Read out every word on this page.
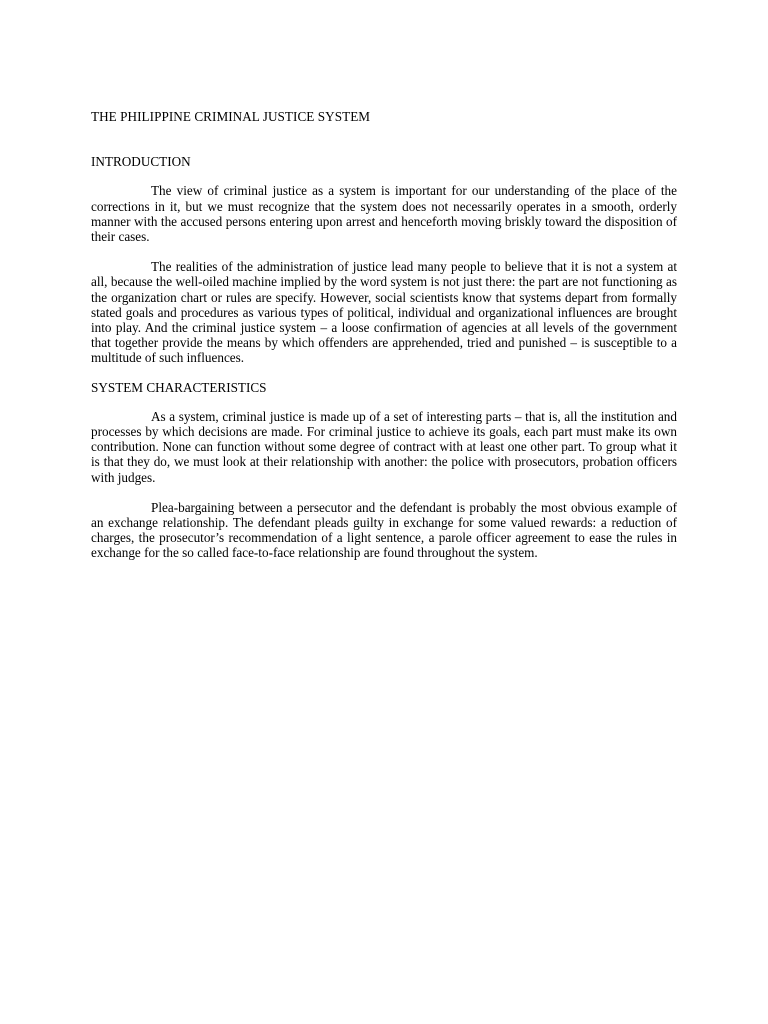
THE PHILIPPINE CRIMINAL JUSTICE SYSTEM
INTRODUCTION

The view of criminal justice as a system is important for our understanding of the place of the corrections in it, but we must recognize that the system does not necessarily operates in a smooth, orderly manner with the accused persons entering upon arrest and henceforth moving briskly toward the disposition of their cases.

The realities of the administration of justice lead many people to believe that it is not a system at all, because the well-oiled machine implied by the word system is not just there: the part are not functioning as the organization chart or rules are specify. However, social scientists know that systems depart from formally stated goals and procedures as various types of political, individual and organizational influences are brought into play. And the criminal justice system – a loose confirmation of agencies at all levels of the government that together provide the means by which offenders are apprehended, tried and punished – is susceptible to a multitude of such influences.

SYSTEM CHARACTERISTICS

As a system, criminal justice is made up of a set of interesting parts – that is, all the institution and processes by which decisions are made. For criminal justice to achieve its goals, each part must make its own contribution. None can function without some degree of contract with at least one other part. To group what it is that they do, we must look at their relationship with another: the police with prosecutors, probation officers with judges.

Plea-bargaining between a persecutor and the defendant is probably the most obvious example of an exchange relationship. The defendant pleads guilty in exchange for some valued rewards: a reduction of charges, the prosecutor’s recommendation of a light sentence, a parole officer agreement to ease the rules in exchange for the so called face-to-face relationship are found throughout the system.
